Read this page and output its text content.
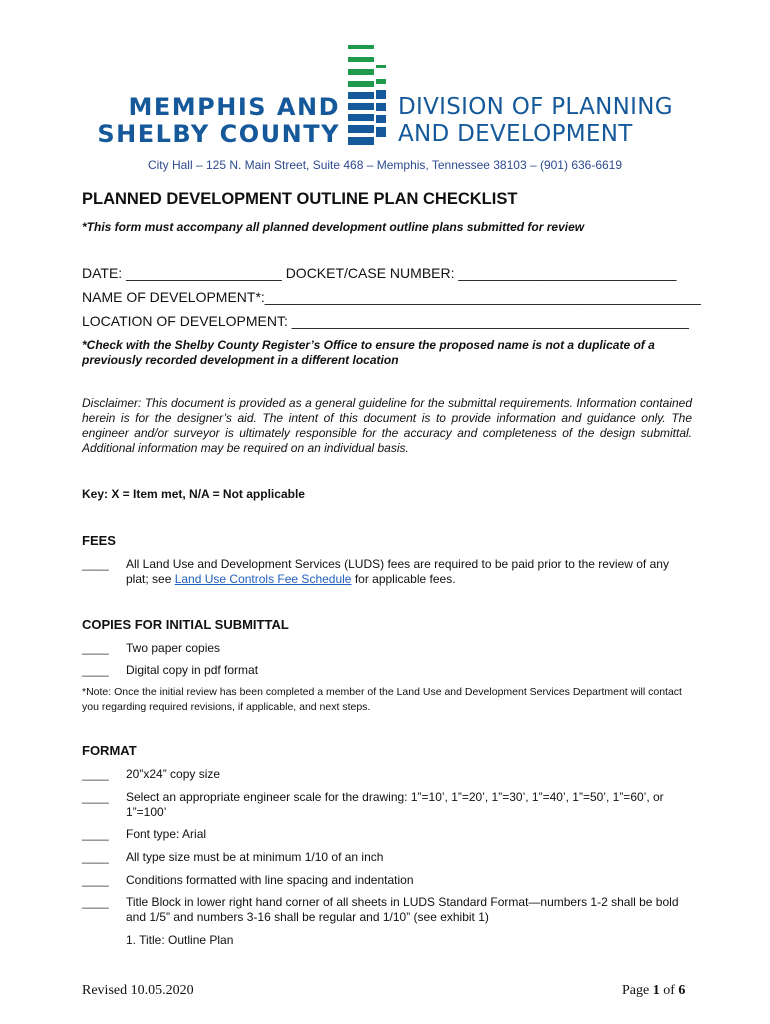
MEMPHIS AND
SHELBY COUNTY
DIVISION OF PLANNING
AND DEVELOPMENT
City Hall – 125 N. Main Street, Suite 468 – Memphis, Tennessee 38103 – (901) 636-6619
PLANNED DEVELOPMENT OUTLINE PLAN CHECKLIST
*This form must accompany all planned development outline plans submitted for review
DATE: ____________________ DOCKET/CASE NUMBER: ____________________________
NAME OF DEVELOPMENT*:________________________________________________________
LOCATION OF DEVELOPMENT: ___________________________________________________
*Check with the Shelby County Register’s Office to ensure the proposed name is not a duplicate of a previously recorded development in a different location
Disclaimer: This document is provided as a general guideline for the submittal requirements. Information contained herein is for the designer’s aid. The intent of this document is to provide information and guidance only. The engineer and/or surveyor is ultimately responsible for the accuracy and completeness of the design submittal. Additional information may be required on an individual basis.
Key: X = Item met, N/A = Not applicable
FEES
____ All Land Use and Development Services (LUDS) fees are required to be paid prior to the review of any plat; see Land Use Controls Fee Schedule for applicable fees.
COPIES FOR INITIAL SUBMITTAL
____ Two paper copies
____ Digital copy in pdf format
*Note: Once the initial review has been completed a member of the Land Use and Development Services Department will contact you regarding required revisions, if applicable, and next steps.
FORMAT
____ 20”x24” copy size
____ Select an appropriate engineer scale for the drawing: 1”=10’, 1”=20’, 1”=30’, 1”=40’, 1”=50’, 1”=60’, or 1”=100’
____ Font type: Arial
____ All type size must be at minimum 1/10 of an inch
____ Conditions formatted with line spacing and indentation
____ Title Block in lower right hand corner of all sheets in LUDS Standard Format—numbers 1-2 shall be bold and 1/5” and numbers 3-16 shall be regular and 1/10” (see exhibit 1)
1. Title: Outline Plan
Revised 10.05.2020	Page 1 of 6
